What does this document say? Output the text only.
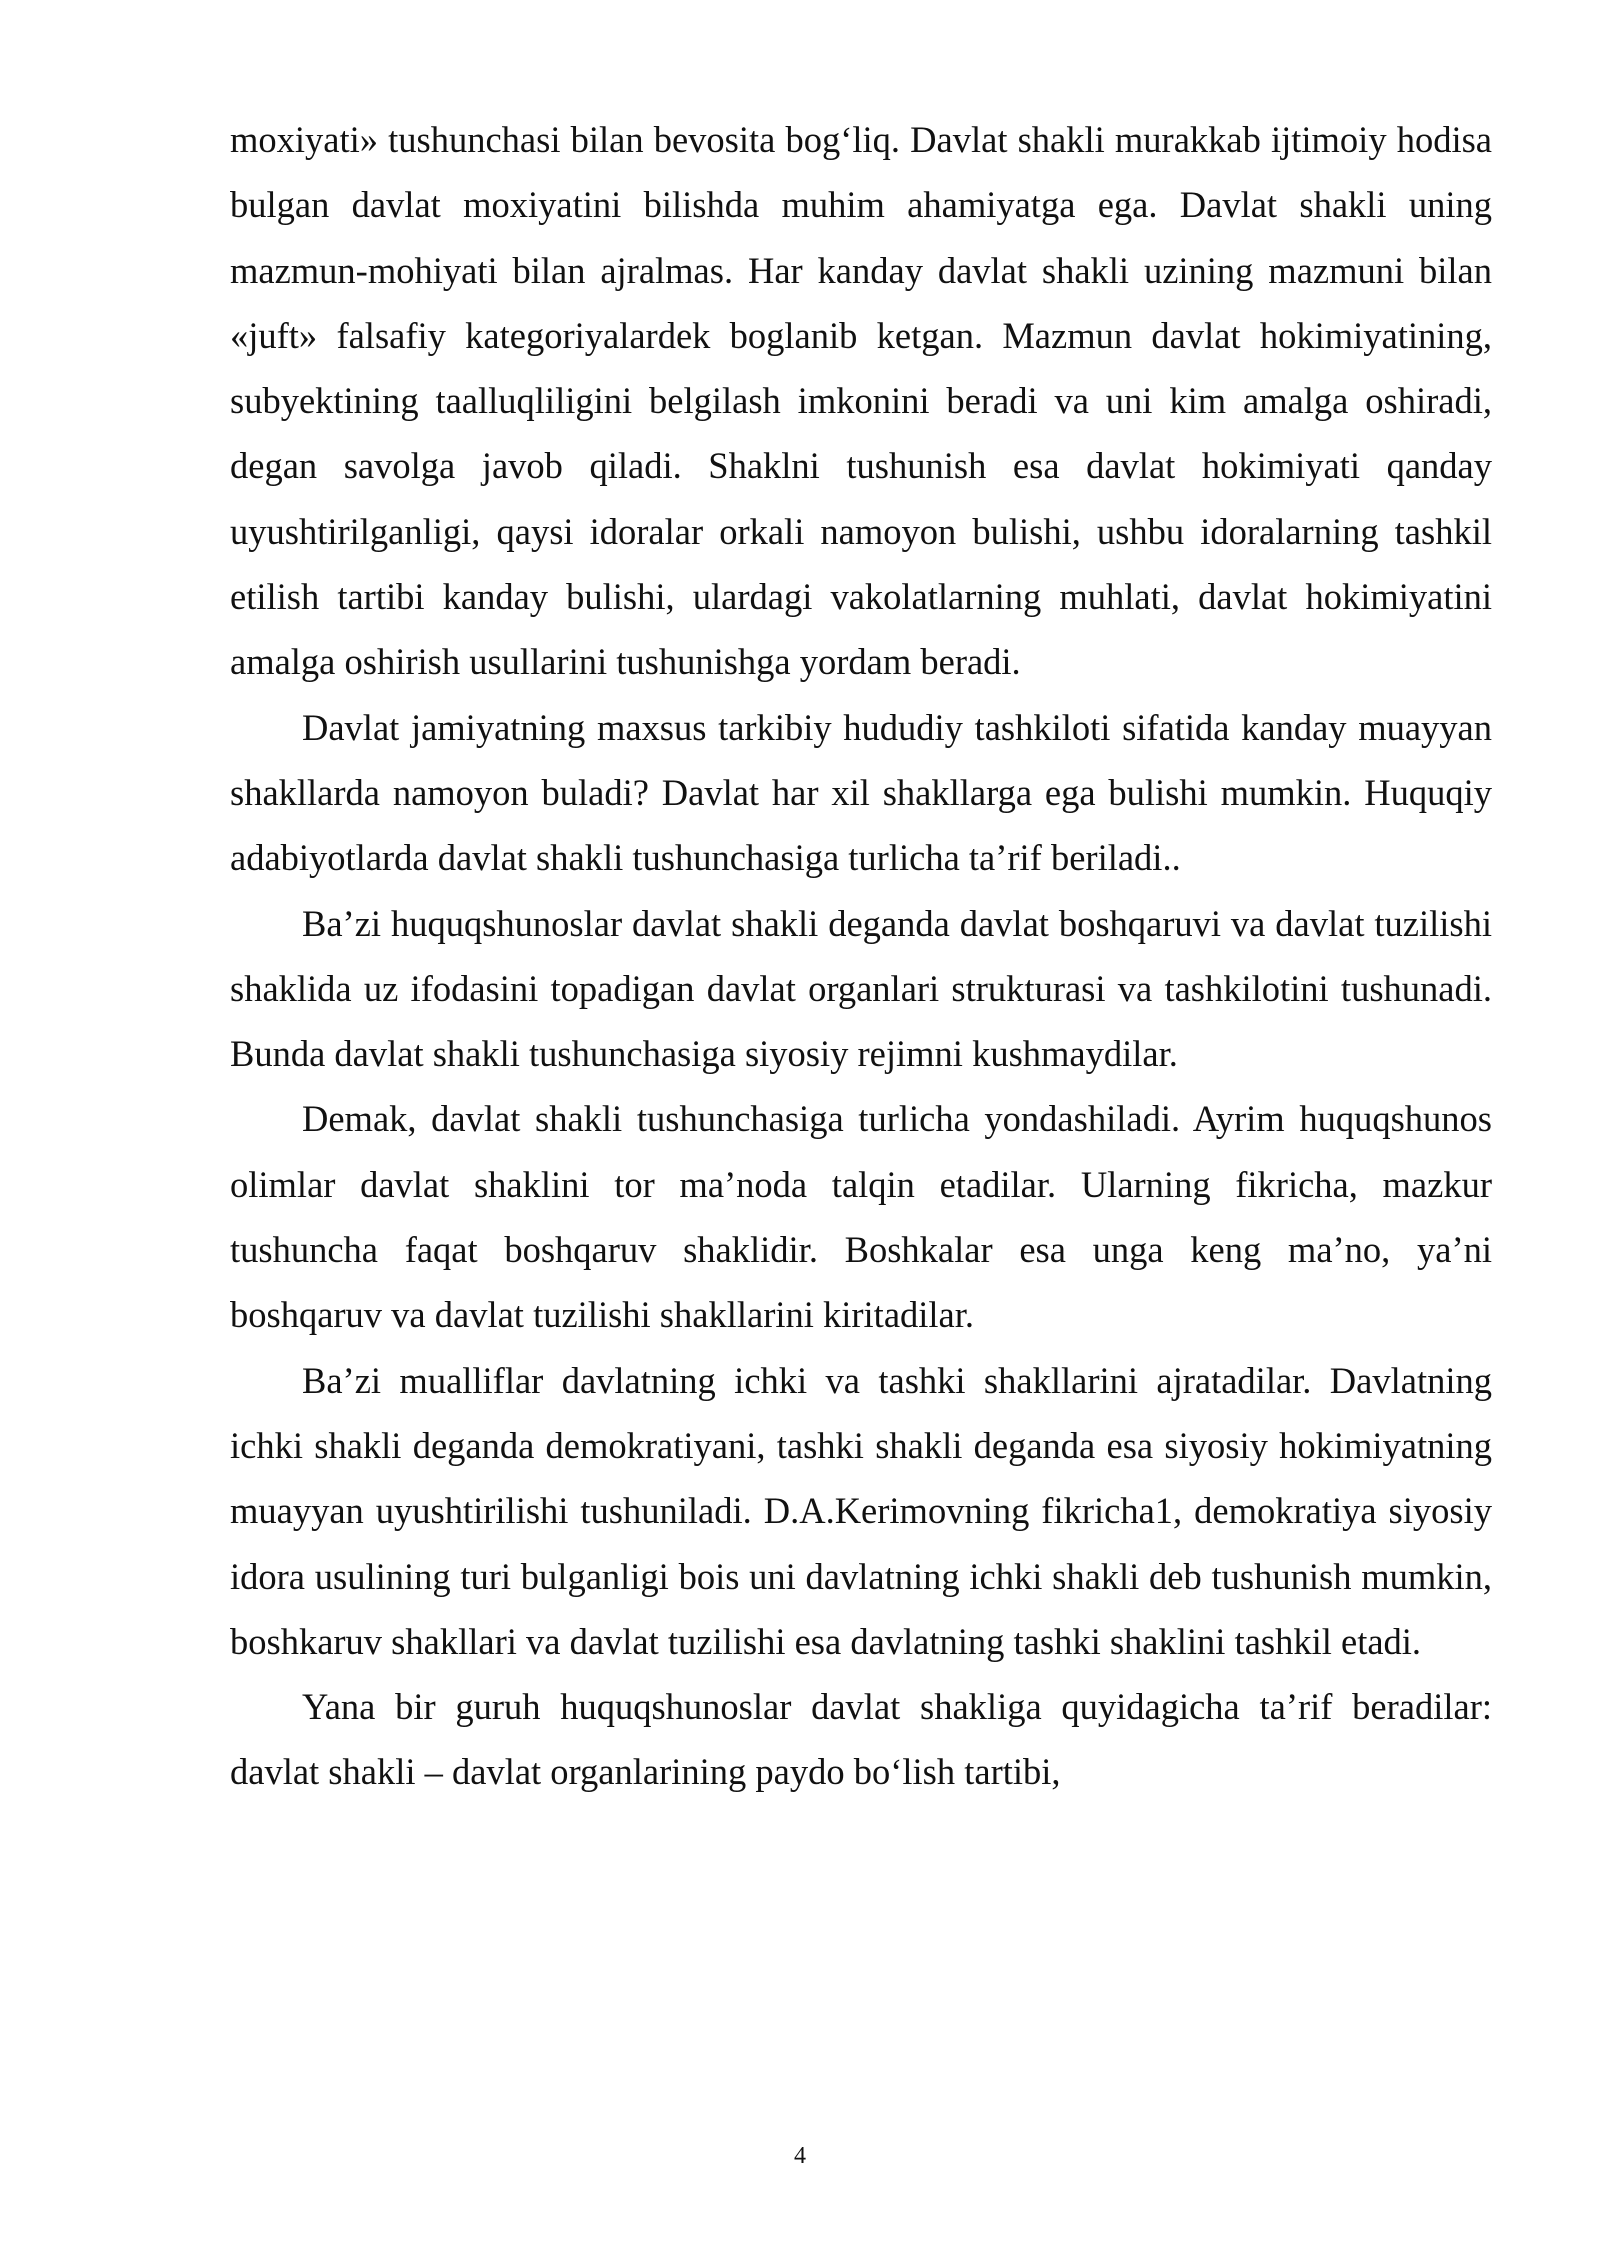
moxiyati» tushunchasi bilan bevosita bog‘liq. Davlat shakli murakkab ijtimoiy hodisa bulgan davlat moxiyatini bilishda muhim ahamiyatga ega. Davlat shakli uning mazmun-mohiyati bilan ajralmas. Har kanday davlat shakli uzining mazmuni bilan «juft» falsafiy kategoriyalardek boglanib ketgan. Mazmun davlat hokimiyatining, subyektining taalluqliligini belgilash imkonini beradi va uni kim amalga oshiradi, degan savolga javob qiladi. Shaklni tushunish esa davlat hokimiyati qanday uyushtirilganligi, qaysi idoralar orkali namoyon bulishi, ushbu idoralarning tashkil etilish tartibi kanday bulishi, ulardagi vakolatlarning muhlati, davlat hokimiyatini amalga oshirish usullarini tushunishga yordam beradi.

Davlat jamiyatning maxsus tarkibiy hududiy tashkiloti sifatida kanday muayyan shakllarda namoyon buladi? Davlat har xil shakllarga ega bulishi mumkin. Huquqiy adabiyotlarda davlat shakli tushunchasiga turlicha ta’rif beriladi..

Ba’zi huquqshunoslar davlat shakli deganda davlat boshqaruvi va davlat tuzilishi shaklida uz ifodasini topadigan davlat organlari strukturasi va tashkilotini tushunadi. Bunda davlat shakli tushunchasiga siyosiy rejimni kushmaydilar.

Demak, davlat shakli tushunchasiga turlicha yondashiladi. Ayrim huquqshunos olimlar davlat shaklini tor ma’noda talqin etadilar. Ularning fikricha, mazkur tushuncha faqat boshqaruv shaklidir. Boshkalar esa unga keng ma’no, ya’ni boshqaruv va davlat tuzilishi shakllarini kiritadilar.

Ba’zi mualliflar davlatning ichki va tashki shakllarini ajratadilar. Davlatning ichki shakli deganda demokratiyani, tashki shakli deganda esa siyosiy hokimiyatning muayyan uyushtirilishi tushuniladi. D.A.Kerimovning fikricha1, demokratiya siyosiy idora usulining turi bulganligi bois uni davlatning ichki shakli deb tushunish mumkin, boshkaruv shakllari va davlat tuzilishi esa davlatning tashki shaklini tashkil etadi.

Yana bir guruh huquqshunoslar davlat shakliga quyidagicha ta’rif beradilar: davlat shakli – davlat organlarining paydo bo‘lish tartibi,

4
